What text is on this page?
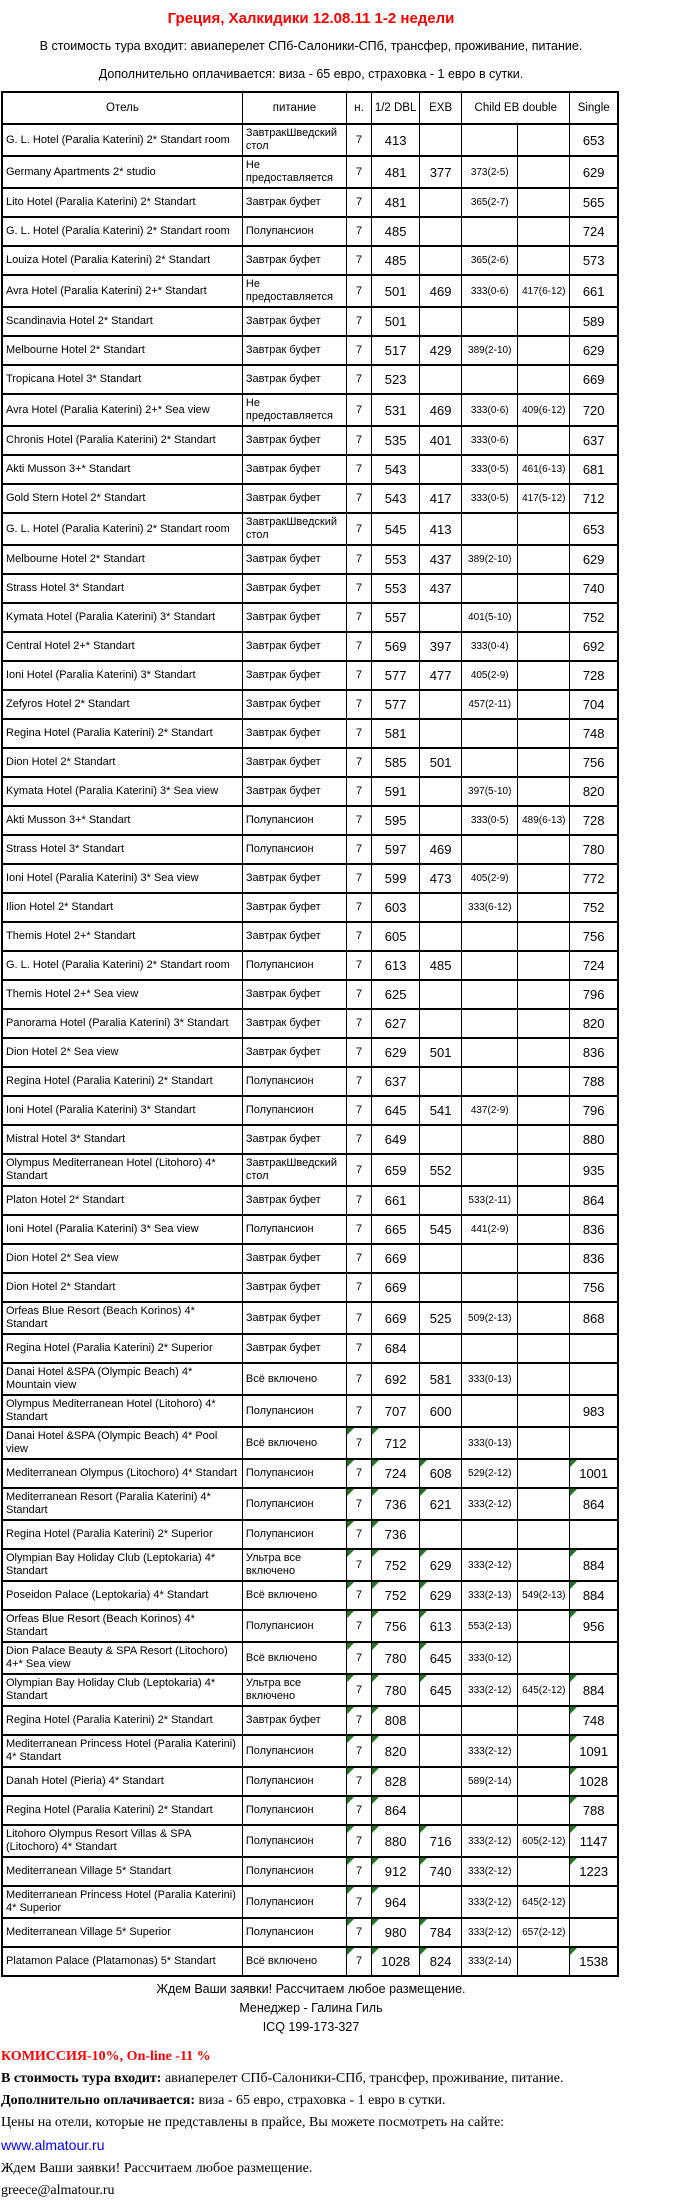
Греция, Халкидики 12.08.11 1-2 недели
В стоимость тура входит: авиаперелет СПб-Салоники-СПб, трансфер, проживание, питание.
Дополнительно оплачивается: виза - 65 евро, страховка - 1 евро в сутки.
Отель	питание	н.	1/2 DBL	EXB	Child EB double		Single
G. L. Hotel (Paralia Katerini) 2* Standart room	ЗавтракШведский стол	7	413				653
Germany Apartments 2* studio	Не предоставляется	7	481	377	373(2-5)		629
Lito Hotel (Paralia Katerini) 2* Standart	Завтрак буфет	7	481		365(2-7)		565
G. L. Hotel (Paralia Katerini) 2* Standart room	Полупансион	7	485				724
Louiza Hotel (Paralia Katerini) 2* Standart	Завтрак буфет	7	485		365(2-6)		573
Avra Hotel (Paralia Katerini) 2+* Standart	Не предоставляется	7	501	469	333(0-6)	417(6-12)	661
Scandinavia Hotel 2* Standart	Завтрак буфет	7	501				589
Melbourne Hotel 2* Standart	Завтрак буфет	7	517	429	389(2-10)		629
Tropicana Hotel 3* Standart	Завтрак буфет	7	523				669
Avra Hotel (Paralia Katerini) 2+* Sea view	Не предоставляется	7	531	469	333(0-6)	409(6-12)	720
Chronis Hotel (Paralia Katerini) 2* Standart	Завтрак буфет	7	535	401	333(0-6)		637
Akti Musson 3+* Standart	Завтрак буфет	7	543		333(0-5)	461(6-13)	681
Gold Stern Hotel 2* Standart	Завтрак буфет	7	543	417	333(0-5)	417(5-12)	712
G. L. Hotel (Paralia Katerini) 2* Standart room	ЗавтракШведский стол	7	545	413			653
Melbourne Hotel 2* Standart	Завтрак буфет	7	553	437	389(2-10)		629
Strass Hotel 3* Standart	Завтрак буфет	7	553	437			740
Kymata Hotel (Paralia Katerini) 3* Standart	Завтрак буфет	7	557		401(5-10)		752
Central Hotel 2+* Standart	Завтрак буфет	7	569	397	333(0-4)		692
Ioni Hotel (Paralia Katerini) 3* Standart	Завтрак буфет	7	577	477	405(2-9)		728
Zefyros Hotel 2* Standart	Завтрак буфет	7	577		457(2-11)		704
Regina Hotel (Paralia Katerini) 2* Standart	Завтрак буфет	7	581				748
Dion Hotel 2* Standart	Завтрак буфет	7	585	501			756
Kymata Hotel (Paralia Katerini) 3* Sea view	Завтрак буфет	7	591		397(5-10)		820
Akti Musson 3+* Standart	Полупансион	7	595		333(0-5)	489(6-13)	728
Strass Hotel 3* Standart	Полупансион	7	597	469			780
Ioni Hotel (Paralia Katerini) 3* Sea view	Завтрак буфет	7	599	473	405(2-9)		772
Ilion Hotel 2* Standart	Завтрак буфет	7	603		333(6-12)		752
Themis Hotel 2+* Standart	Завтрак буфет	7	605				756
G. L. Hotel (Paralia Katerini) 2* Standart room	Полупансион	7	613	485			724
Themis Hotel 2+* Sea view	Завтрак буфет	7	625				796
Panorama Hotel (Paralia Katerini) 3* Standart	Завтрак буфет	7	627				820
Dion Hotel 2* Sea view	Завтрак буфет	7	629	501			836
Regina Hotel (Paralia Katerini) 2* Standart	Полупансион	7	637				788
Ioni Hotel (Paralia Katerini) 3* Standart	Полупансион	7	645	541	437(2-9)		796
Mistral Hotel 3* Standart	Завтрак буфет	7	649				880
Olympus Mediterranean Hotel (Litohoro) 4* Standart	ЗавтракШведский стол	7	659	552			935
Platon Hotel 2* Standart	Завтрак буфет	7	661		533(2-11)		864
Ioni Hotel (Paralia Katerini) 3* Sea view	Полупансион	7	665	545	441(2-9)		836
Dion Hotel 2* Sea view	Завтрак буфет	7	669				836
Dion Hotel 2* Standart	Завтрак буфет	7	669				756
Orfeas Blue Resort (Beach Korinos) 4* Standart	Завтрак буфет	7	669	525	509(2-13)		868
Regina Hotel (Paralia Katerini) 2* Superior	Завтрак буфет	7	684				
Danai Hotel &SPA (Olympic Beach) 4* Mountain view	Всё включено	7	692	581	333(0-13)		
Olympus Mediterranean Hotel (Litohoro) 4* Standart	Полупансион	7	707	600			983
Danai Hotel &SPA (Olympic Beach) 4* Pool view	Всё включено	7	712		333(0-13)		
Mediterranean Olympus (Litochoro) 4* Standart	Полупансион	7	724	608	529(2-12)		1001
Mediterranean Resort (Paralia Katerini) 4* Standart	Полупансион	7	736	621	333(2-12)		864
Regina Hotel (Paralia Katerini) 2* Superior	Полупансион	7	736				
Olympian Bay Holiday Club (Leptokaria) 4* Standart	Ультра все включено	7	752	629	333(2-12)		884
Poseidon Palace (Leptokaria) 4* Standart	Всё включено	7	752	629	333(2-13)	549(2-13)	884
Orfeas Blue Resort (Beach Korinos) 4* Standart	Полупансион	7	756	613	553(2-13)		956
Dion Palace Beauty & SPA Resort (Litochoro) 4+* Sea view	Всё включено	7	780	645	333(0-12)		
Olympian Bay Holiday Club (Leptokaria) 4* Standart	Ультра все включено	7	780	645	333(2-12)	645(2-12)	884
Regina Hotel (Paralia Katerini) 2* Standart	Завтрак буфет	7	808				748
Mediterranean Princess Hotel (Paralia Katerini) 4* Standart	Полупансион	7	820		333(2-12)		1091
Danah Hotel (Pieria) 4* Standart	Полупансион	7	828		589(2-14)		1028
Regina Hotel (Paralia Katerini) 2* Standart	Полупансион	7	864				788
Litohoro Olympus Resort Villas & SPA (Litochoro) 4* Standart	Полупансион	7	880	716	333(2-12)	605(2-12)	1147
Mediterranean Village 5* Standart	Полупансион	7	912	740	333(2-12)		1223
Mediterranean Princess Hotel (Paralia Katerini) 4* Superior	Полупансион	7	964		333(2-12)	645(2-12)	
Mediterranean Village 5* Superior	Полупансион	7	980	784	333(2-12)	657(2-12)	
Platamon Palace (Platamonas) 5* Standart	Всё включено	7	1028	824	333(2-14)		1538
Ждем Ваши заявки! Рассчитаем любое размещение.
Менеджер - Галина Гиль
ICQ 199-173-327
КОМИССИЯ-10%, On-line -11 %
В стоимость тура входит: авиаперелет СПб-Салоники-СПб, трансфер, проживание, питание.
Дополнительно оплачивается: виза - 65 евро, страховка - 1 евро в сутки.
Цены на отели, которые не представлены в прайсе, Вы можете посмотреть на сайте:
www.almatour.ru
Ждем Ваши заявки! Рассчитаем любое размещение.
greece@almatour.ru
